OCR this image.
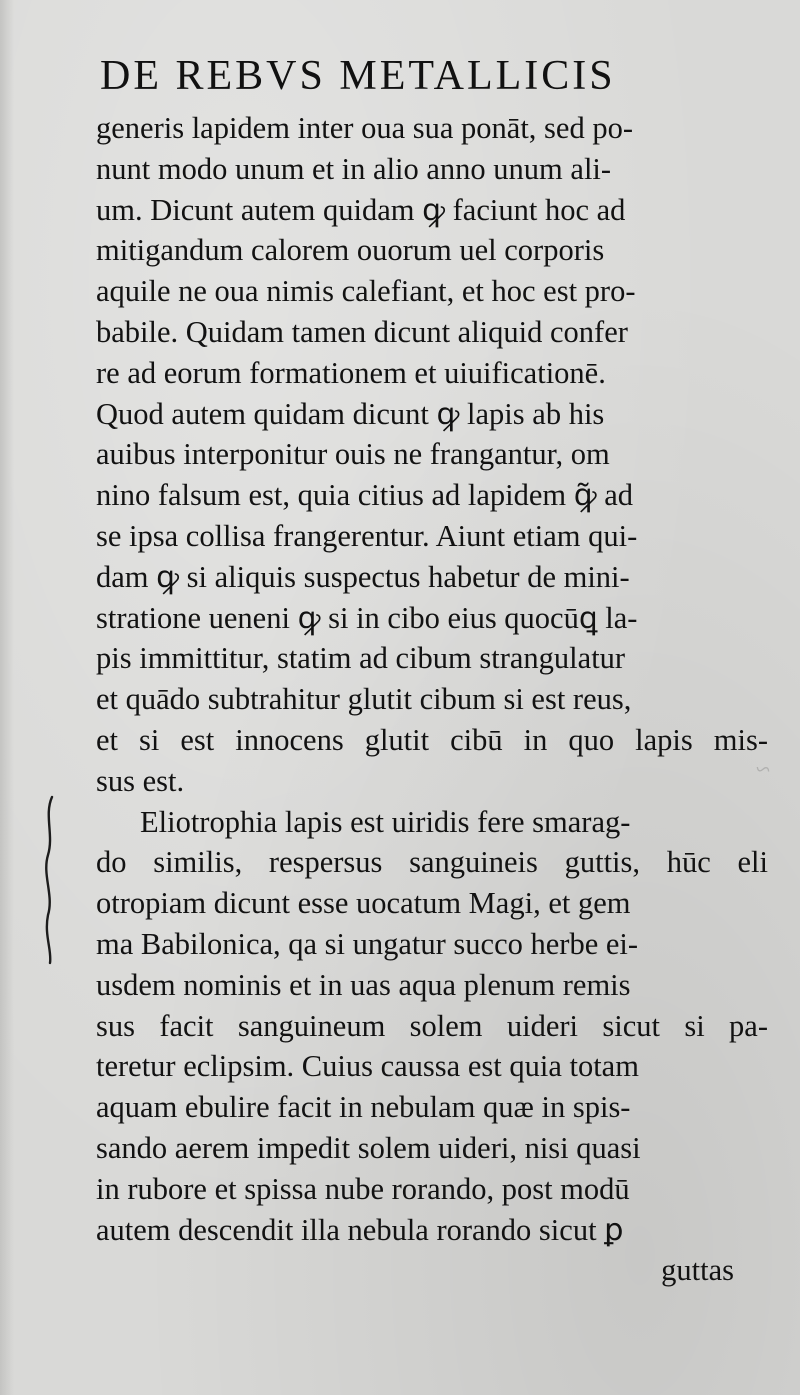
DE REBVS METALLICIS
~
generis lapidem inter oua sua ponāt, sed po-
nunt modo unum et in alio anno unum ali-
um. Dicunt autem quidam ꝙ faciunt hoc ad
mitigandum calorem ouorum uel corporis
aquile ne oua nimis calefiant, et hoc est pro-
babile. Quidam tamen dicunt aliquid confer
re ad eorum formationem et uiuificationē.
Quod autem quidam dicunt ꝙ lapis ab his
auibus interponitur ouis ne frangantur, om
nino falsum est, quia citius ad lapidem ꝙ̃ ad
se ipsa collisa frangerentur. Aiunt etiam qui-
dam ꝙ si aliquis suspectus habetur de mini-
stratione ueneni ꝙ si in cibo eius quocūꝗ la-
pis immittitur, statim ad cibum strangulatur
et quādo subtrahitur glutit cibum si est reus,
et si est innocens glutit cibū in quo lapis mis-
sus est.
Eliotrophia lapis est uiridis fere smarag-
do similis, respersus sanguineis guttis, hūc eli
otropiam dicunt esse uocatum Magi, et gem
ma Babilonica, qa si ungatur succo herbe ei-
usdem nominis et in uas aqua plenum remis
sus facit sanguineum solem uideri sicut si pa-
teretur eclipsim. Cuius caussa est quia totam
aquam ebulire facit in nebulam quæ in spis-
sando aerem impedit solem uideri, nisi quasi
in rubore et spissa nube rorando, post modū
autem descendit illa nebula rorando sicut ꝑ
guttas
